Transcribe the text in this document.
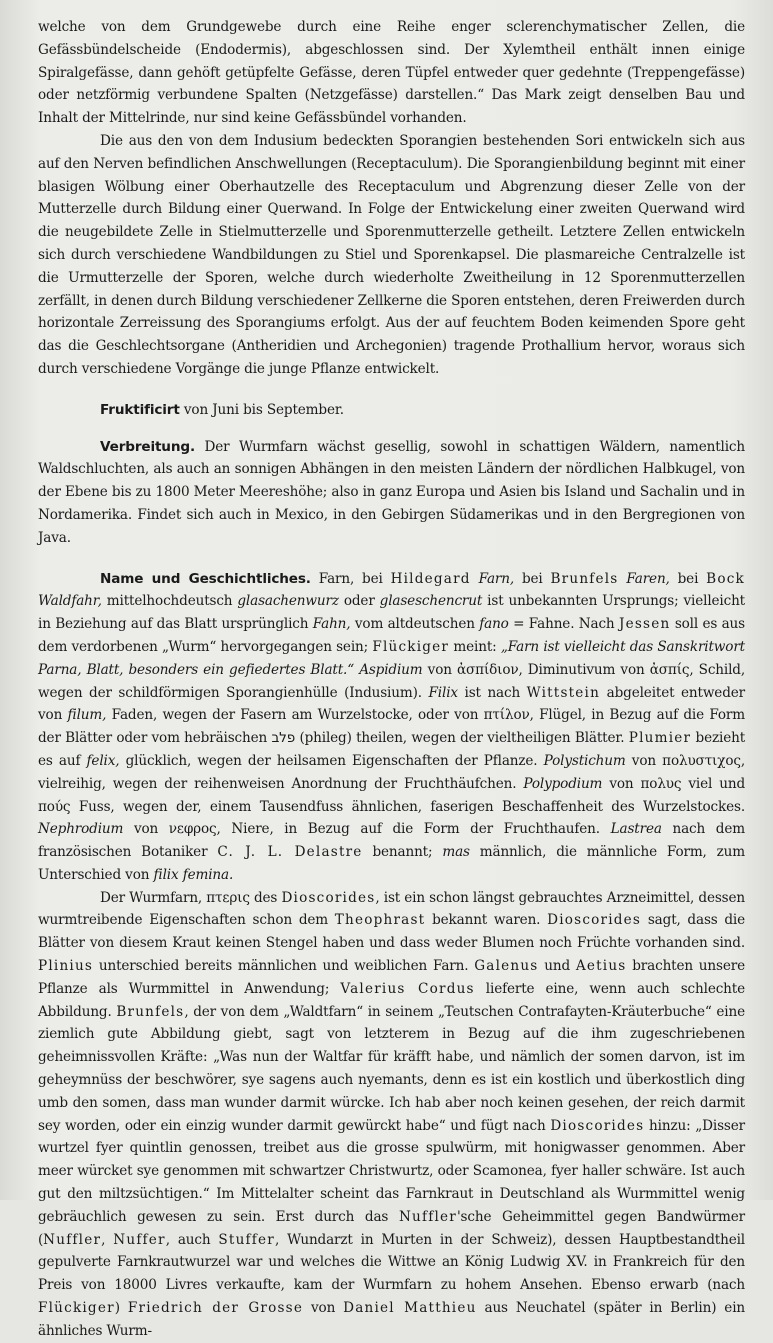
welche von dem Grundgewebe durch eine Reihe enger sclerenchymatischer Zellen, die Gefässbündelscheide (Endodermis), abgeschlossen sind. Der Xylemtheil enthält innen einige Spiralgefässe, dann gehöft getüpfelte Gefässe, deren Tüpfel entweder quer gedehnte (Treppengefässe) oder netzförmig verbundene Spalten (Netzgefässe) darstellen.“ Das Mark zeigt denselben Bau und Inhalt der Mittelrinde, nur sind keine Gefässbündel vorhanden.

Die aus den von dem Indusium bedeckten Sporangien bestehenden Sori entwickeln sich aus auf den Nerven befindlichen Anschwellungen (Receptaculum). Die Sporangienbildung beginnt mit einer blasigen Wölbung einer Oberhautzelle des Receptaculum und Abgrenzung dieser Zelle von der Mutterzelle durch Bildung einer Querwand. In Folge der Entwickelung einer zweiten Querwand wird die neugebildete Zelle in Stielmutterzelle und Sporenmutterzelle getheilt. Letztere Zellen entwickeln sich durch verschiedene Wandbildungen zu Stiel und Sporenkapsel. Die plasmareiche Centralzelle ist die Urmutterzelle der Sporen, welche durch wiederholte Zweitheilung in 12 Sporenmutterzellen zerfällt, in denen durch Bildung verschiedener Zellkerne die Sporen entstehen, deren Freiwerden durch horizontale Zerreissung des Sporangiums erfolgt. Aus der auf feuchtem Boden keimenden Spore geht das die Geschlechtsorgane (Antheridien und Archegonien) tragende Prothallium hervor, woraus sich durch verschiedene Vorgänge die junge Pflanze entwickelt.

Fruktificirt von Juni bis September.

Verbreitung. Der Wurmfarn wächst gesellig, sowohl in schattigen Wäldern, namentlich Waldschluchten, als auch an sonnigen Abhängen in den meisten Ländern der nördlichen Halbkugel, von der Ebene bis zu 1800 Meter Meereshöhe; also in ganz Europa und Asien bis Island und Sachalin und in Nordamerika. Findet sich auch in Mexico, in den Gebirgen Südamerikas und in den Bergregionen von Java.

Name und Geschichtliches. Farn, bei Hildegard Farn, bei Brunfels Faren, bei Bock Waldfahr, mittelhochdeutsch glasachenwurz oder glaseschencrut ist unbekannten Ursprungs; vielleicht in Beziehung auf das Blatt ursprünglich Fahn, vom altdeutschen fano = Fahne. Nach Jessen soll es aus dem verdorbenen „Wurm“ hervorgegangen sein; Flückiger meint: „Farn ist vielleicht das Sanskritwort Parna, Blatt, besonders ein gefiedertes Blatt.“ Aspidium von ἀσπίδιον, Diminutivum von ἀσπίς, Schild, wegen der schildförmigen Sporangienhülle (Indusium). Filix ist nach Wittstein abgeleitet entweder von filum, Faden, wegen der Fasern am Wurzelstocke, oder von πτίλον, Flügel, in Bezug auf die Form der Blätter oder vom hebräischen פלב (phileg) theilen, wegen der vieltheiligen Blätter. Plumier bezieht es auf felix, glücklich, wegen der heilsamen Eigenschaften der Pflanze. Polystichum von πολυστιχος, vielreihig, wegen der reihenweisen Anordnung der Fruchthäufchen. Polypodium von πολυς viel und πούς Fuss, wegen der, einem Tausendfuss ähnlichen, faserigen Beschaffenheit des Wurzelstockes. Nephrodium von νεφρος, Niere, in Bezug auf die Form der Fruchthaufen. Lastrea nach dem französischen Botaniker C. J. L. Delastre benannt; mas männlich, die männliche Form, zum Unterschied von filix femina.

Der Wurmfarn, πτερις des Dioscorides, ist ein schon längst gebrauchtes Arzneimittel, dessen wurmtreibende Eigenschaften schon dem Theophrast bekannt waren. Dioscorides sagt, dass die Blätter von diesem Kraut keinen Stengel haben und dass weder Blumen noch Früchte vorhanden sind. Plinius unterschied bereits männlichen und weiblichen Farn. Galenus und Aetius brachten unsere Pflanze als Wurmmittel in Anwendung; Valerius Cordus lieferte eine, wenn auch schlechte Abbildung. Brunfels, der von dem „Waldtfarn“ in seinem „Teutschen Contrafayten-Kräuterbuche“ eine ziemlich gute Abbildung giebt, sagt von letzterem in Bezug auf die ihm zugeschriebenen geheimnissvollen Kräfte: „Was nun der Waltfar für kräfft habe, und nämlich der somen darvon, ist im geheymnüss der beschwörer, sye sagens auch nyemants, denn es ist ein kostlich und überkostlich ding umb den somen, dass man wunder darmit würcke. Ich hab aber noch keinen gesehen, der reich darmit sey worden, oder ein einzig wunder darmit gewürckt habe“ und fügt nach Dioscorides hinzu: „Disser wurtzel fyer quintlin genossen, treibet aus die grosse spulwürm, mit honigwasser genommen. Aber meer würcket sye genommen mit schwartzer Christwurtz, oder Scamonea, fyer haller schwäre. Ist auch gut den miltzsüchtigen.“ Im Mittelalter scheint das Farnkraut in Deutschland als Wurmmittel wenig gebräuchlich gewesen zu sein. Erst durch das Nuffler'sche Geheimmittel gegen Bandwürmer (Nuffler, Nuffer, auch Stuffer, Wundarzt in Murten in der Schweiz), dessen Hauptbestandtheil gepulverte Farnkrautwurzel war und welches die Wittwe an König Ludwig XV. in Frankreich für den Preis von 18000 Livres verkaufte, kam der Wurmfarn zu hohem Ansehen. Ebenso erwarb (nach Flückiger) Friedrich der Grosse von Daniel Matthieu aus Neuchatel (später in Berlin) ein ähnliches Wurm-
